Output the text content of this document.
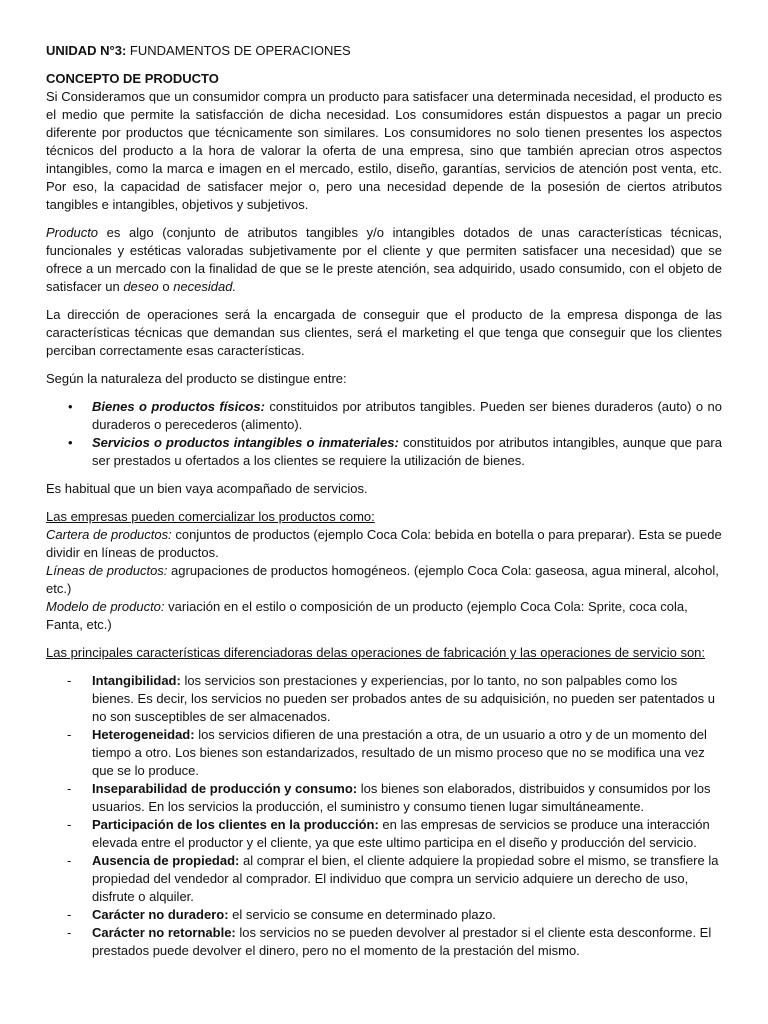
UNIDAD N°3: FUNDAMENTOS DE OPERACIONES

CONCEPTO DE PRODUCTO

Si Consideramos que un consumidor compra un producto para satisfacer una determinada necesidad, el producto es el medio que permite la satisfacción de dicha necesidad. Los consumidores están dispuestos a pagar un precio diferente por productos que técnicamente son similares. Los consumidores no solo tienen presentes los aspectos técnicos del producto a la hora de valorar la oferta de una empresa, sino que también aprecian otros aspectos intangibles, como la marca e imagen en el mercado, estilo, diseño, garantías, servicios de atención post venta, etc. Por eso, la capacidad de satisfacer mejor o, pero una necesidad depende de la posesión de ciertos atributos tangibles e intangibles, objetivos y subjetivos.

Producto es algo (conjunto de atributos tangibles y/o intangibles dotados de unas características técnicas, funcionales y estéticas valoradas subjetivamente por el cliente y que permiten satisfacer una necesidad) que se ofrece a un mercado con la finalidad de que se le preste atención, sea adquirido, usado consumido, con el objeto de satisfacer un deseo o necesidad.

La dirección de operaciones será la encargada de conseguir que el producto de la empresa disponga de las características técnicas que demandan sus clientes, será el marketing el que tenga que conseguir que los clientes perciban correctamente esas características.

Según la naturaleza del producto se distingue entre:

• Bienes o productos físicos: constituidos por atributos tangibles. Pueden ser bienes duraderos (auto) o no duraderos o perecederos (alimento).
• Servicios o productos intangibles o inmateriales: constituidos por atributos intangibles, aunque que para ser prestados u ofertados a los clientes se requiere la utilización de bienes.

Es habitual que un bien vaya acompañado de servicios.

Las empresas pueden comercializar los productos como:

Cartera de productos: conjuntos de productos (ejemplo Coca Cola: bebida en botella o para preparar). Esta se puede dividir en líneas de productos.

Líneas de productos: agrupaciones de productos homogéneos. (ejemplo Coca Cola: gaseosa, agua mineral, alcohol, etc.)

Modelo de producto: variación en el estilo o composición de un producto (ejemplo Coca Cola: Sprite, coca cola, Fanta, etc.)

Las principales características diferenciadoras delas operaciones de fabricación y las operaciones de servicio son:

- Intangibilidad: los servicios son prestaciones y experiencias, por lo tanto, no son palpables como los bienes. Es decir, los servicios no pueden ser probados antes de su adquisición, no pueden ser patentados u no son susceptibles de ser almacenados.
- Heterogeneidad: los servicios difieren de una prestación a otra, de un usuario a otro y de un momento del tiempo a otro. Los bienes son estandarizados, resultado de un mismo proceso que no se modifica una vez que se lo produce.
- Inseparabilidad de producción y consumo: los bienes son elaborados, distribuidos y consumidos por los usuarios. En los servicios la producción, el suministro y consumo tienen lugar simultáneamente.
- Participación de los clientes en la producción: en las empresas de servicios se produce una interacción elevada entre el productor y el cliente, ya que este ultimo participa en el diseño y producción del servicio.
- Ausencia de propiedad: al comprar el bien, el cliente adquiere la propiedad sobre el mismo, se transfiere la propiedad del vendedor al comprador. El individuo que compra un servicio adquiere un derecho de uso, disfrute o alquiler.
- Carácter no duradero: el servicio se consume en determinado plazo.
- Carácter no retornable: los servicios no se pueden devolver al prestador si el cliente esta desconforme. El prestados puede devolver el dinero, pero no el momento de la prestación del mismo.
